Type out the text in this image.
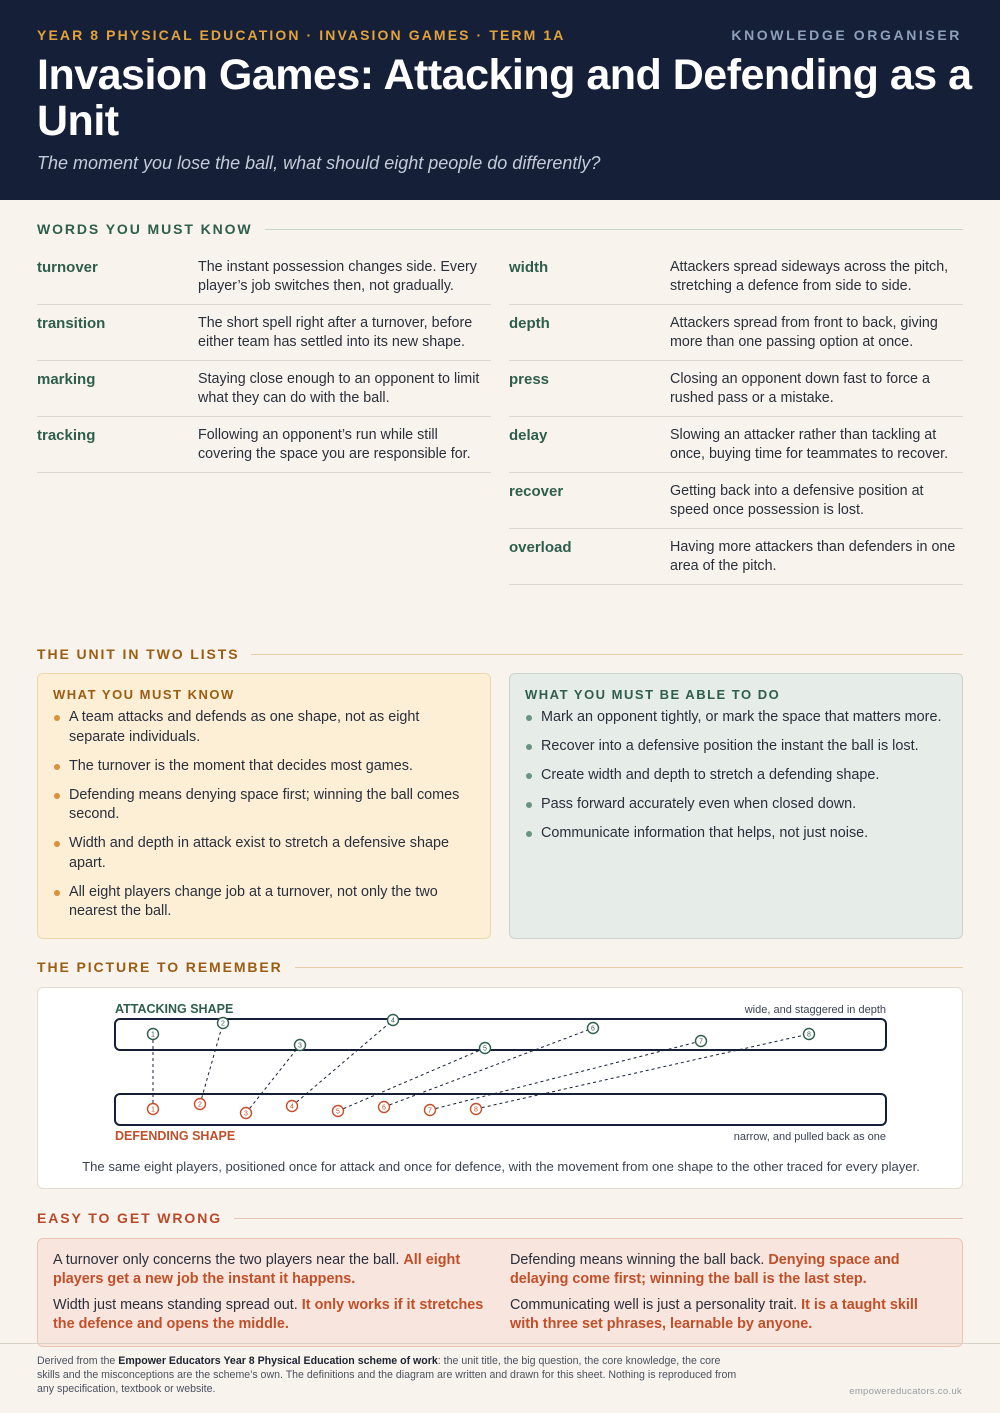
YEAR 8 PHYSICAL EDUCATION · INVASION GAMES · TERM 1A	KNOWLEDGE ORGANISER
Invasion Games: Attacking and Defending as a Unit
The moment you lose the ball, what should eight people do differently?
WORDS YOU MUST KNOW
turnover	The instant possession changes side. Every player’s job switches then, not gradually.
transition	The short spell right after a turnover, before either team has settled into its new shape.
marking	Staying close enough to an opponent to limit what they can do with the ball.
tracking	Following an opponent’s run while still covering the space you are responsible for.
width	Attackers spread sideways across the pitch, stretching a defence from side to side.
depth	Attackers spread from front to back, giving more than one passing option at once.
press	Closing an opponent down fast to force a rushed pass or a mistake.
delay	Slowing an attacker rather than tackling at once, buying time for teammates to recover.
recover	Getting back into a defensive position at speed once possession is lost.
overload	Having more attackers than defenders in one area of the pitch.
THE UNIT IN TWO LISTS
WHAT YOU MUST KNOW
A team attacks and defends as one shape, not as eight separate individuals.
The turnover is the moment that decides most games.
Defending means denying space first; winning the ball comes second.
Width and depth in attack exist to stretch a defensive shape apart.
All eight players change job at a turnover, not only the two nearest the ball.
WHAT YOU MUST BE ABLE TO DO
Mark an opponent tightly, or mark the space that matters more.
Recover into a defensive position the instant the ball is lost.
Create width and depth to stretch a defending shape.
Pass forward accurately even when closed down.
Communicate information that helps, not just noise.
THE PICTURE TO REMEMBER
ATTACKING SHAPE	wide, and staggered in depth
DEFENDING SHAPE	narrow, and pulled back as one
1
1
2
2
3
3
4
4
5
5
6
6
7
7
8
8
The same eight players, positioned once for attack and once for defence, with the movement from one shape to the other traced for every player.
EASY TO GET WRONG
A turnover only concerns the two players near the ball. All eight players get a new job the instant it happens.
Defending means winning the ball back. Denying space and delaying come first; winning the ball is the last step.
Width just means standing spread out. It only works if it stretches the defence and opens the middle.
Communicating well is just a personality trait. It is a taught skill with three set phrases, learnable by anyone.
Derived from the Empower Educators Year 8 Physical Education scheme of work: the unit title, the big question, the core knowledge, the core skills and the misconceptions are the scheme’s own. The definitions and the diagram are written and drawn for this sheet. Nothing is reproduced from any specification, textbook or website.	empowereducators.co.uk
